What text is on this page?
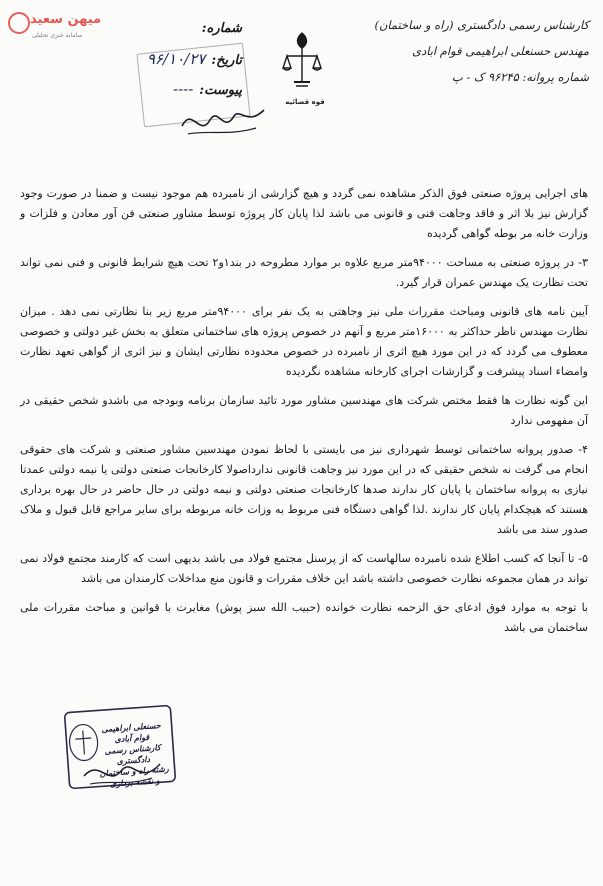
میهن سعید
سامانه خبری تحلیلی
کارشناس رسمی دادگستری (راه و ساختمان)
مهندس حسنعلی ابراهیمی قوام ابادی
شماره پروانه: ۹۶۲۴۵ ک - پ
قوه قضائیه
شماره:
تاریخ:۹۶/۱۰/۲۷
پیوست:----

های اجرایی پروژه صنعتی فوق الذکر مشاهده نمی گردد و هیچ گزارشی از نامبرده هم موجود نیست و ضمنا در صورت وجود گزارش نیز بلا اثر و فاقد وجاهت فنی و قانونی می باشد لذا پایان کار پروژه توسط مشاور صنعتی فن آور معادن و فلزات و وزارت خانه مر بوطه گواهی گردیده

۳- در پروژه صنعتی به مساحت ۹۴۰۰۰متر مربع علاوه بر موارد مطروحه در بند۱و۲ تحت هیچ شرایط قانونی و فنی نمی تواند تحت نظارت یک مهندس عمران قرار گیرد.

آیین نامه های قانونی ومباحث مقررات ملی نیز وجاهتی به یک نفر برای ۹۴۰۰۰متر مربع زیر بنا نظارتی نمی دهد . میزان نظارت مهندس ناظر حداکثر به ۱۶۰۰۰متر مربع و آنهم در خصوص پروژه های ساختمانی متعلق به بخش غیر دولتی و خصوصی معطوف می گردد که در این مورد هیچ اثری از نامبرده در خصوص محدوده نظارتی ایشان و نیز اثری از گواهی تعهد نظارت وامضاء اسناد پیشرفت و گزارشات اجرای کارخانه مشاهده نگردیده

این گونه نظارت ها فقط مختص شرکت های مهندسین مشاور مورد تائید سازمان برنامه وبودجه می باشدو شخص حقیقی در آن مفهومی ندارد

۴- صدور پروانه ساختمانی توسط شهرداری نیز می بایستی با لحاظ نمودن مهندسین مشاور صنعتی و شرکت های حقوقی انجام می گرفت نه شخص حقیقی که در این مورد نیز وجاهت قانونی ندارداصولا کارخانجات صنعتی دولتی یا نیمه دولتی عمدتا نیازی به پروانه ساختمان یا پایان کار ندارند صدها کارخانجات صنعتی دولتی و نیمه دولتی در حال حاضر در حال بهره برداری هستند که هیچکدام پایان کار ندارند .لذا گواهی دستگاه فنی مربوط به وزات خانه مربوطه برای سایر مراجع قابل قبول و ملاک صدور سند می باشد

۵- تا آنجا که کسب اطلاع شده نامبرده سالهاست که از پرسنل مجتمع فولاد می باشد بدیهی است که کارمند مجتمع فولاد نمی تواند در همان مجموعه نظارت خصوصی داشته باشد این خلاف مقررات و قانون منع مداخلات کارمندان می باشد

با توجه به موارد فوق ادعای حق الزحمه نظارت خوانده (حبیب الله سبز پوش) مغایرت با قوانین و مباحث مقررات ملی ساختمان می باشد

حسنعلی ابراهیمی قوام آبادی
کارشناس رسمی دادگستری
رشته راه و ساختمان و نقشه برداری
